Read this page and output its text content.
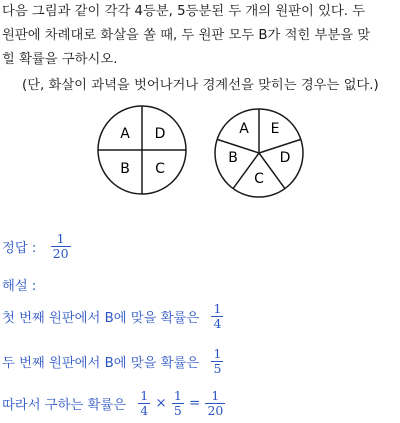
다음 그림과 같이 각각 4등분, 5등분된 두 개의 원판이 있다. 두
원판에 차례대로 화살을 쏠 때, 두 원판 모두 B가 적힌 부분을 맞
힐 확률을 구하시오.
(단, 화살이 과녁을 벗어나거나 경계선을 맞히는 경우는 없다.)
A D
B C
A E
B	D
C
정답 : $\frac{1}{20}$
해설 :
첫 번째 원판에서 B에 맞을 확률은 $\frac{1}{4}$
두 번째 원판에서 B에 맞을 확률은 $\frac{1}{5}$
따라서 구하는 확률은 $\frac{1}{4} \times \frac{1}{5} = \frac{1}{20}$
